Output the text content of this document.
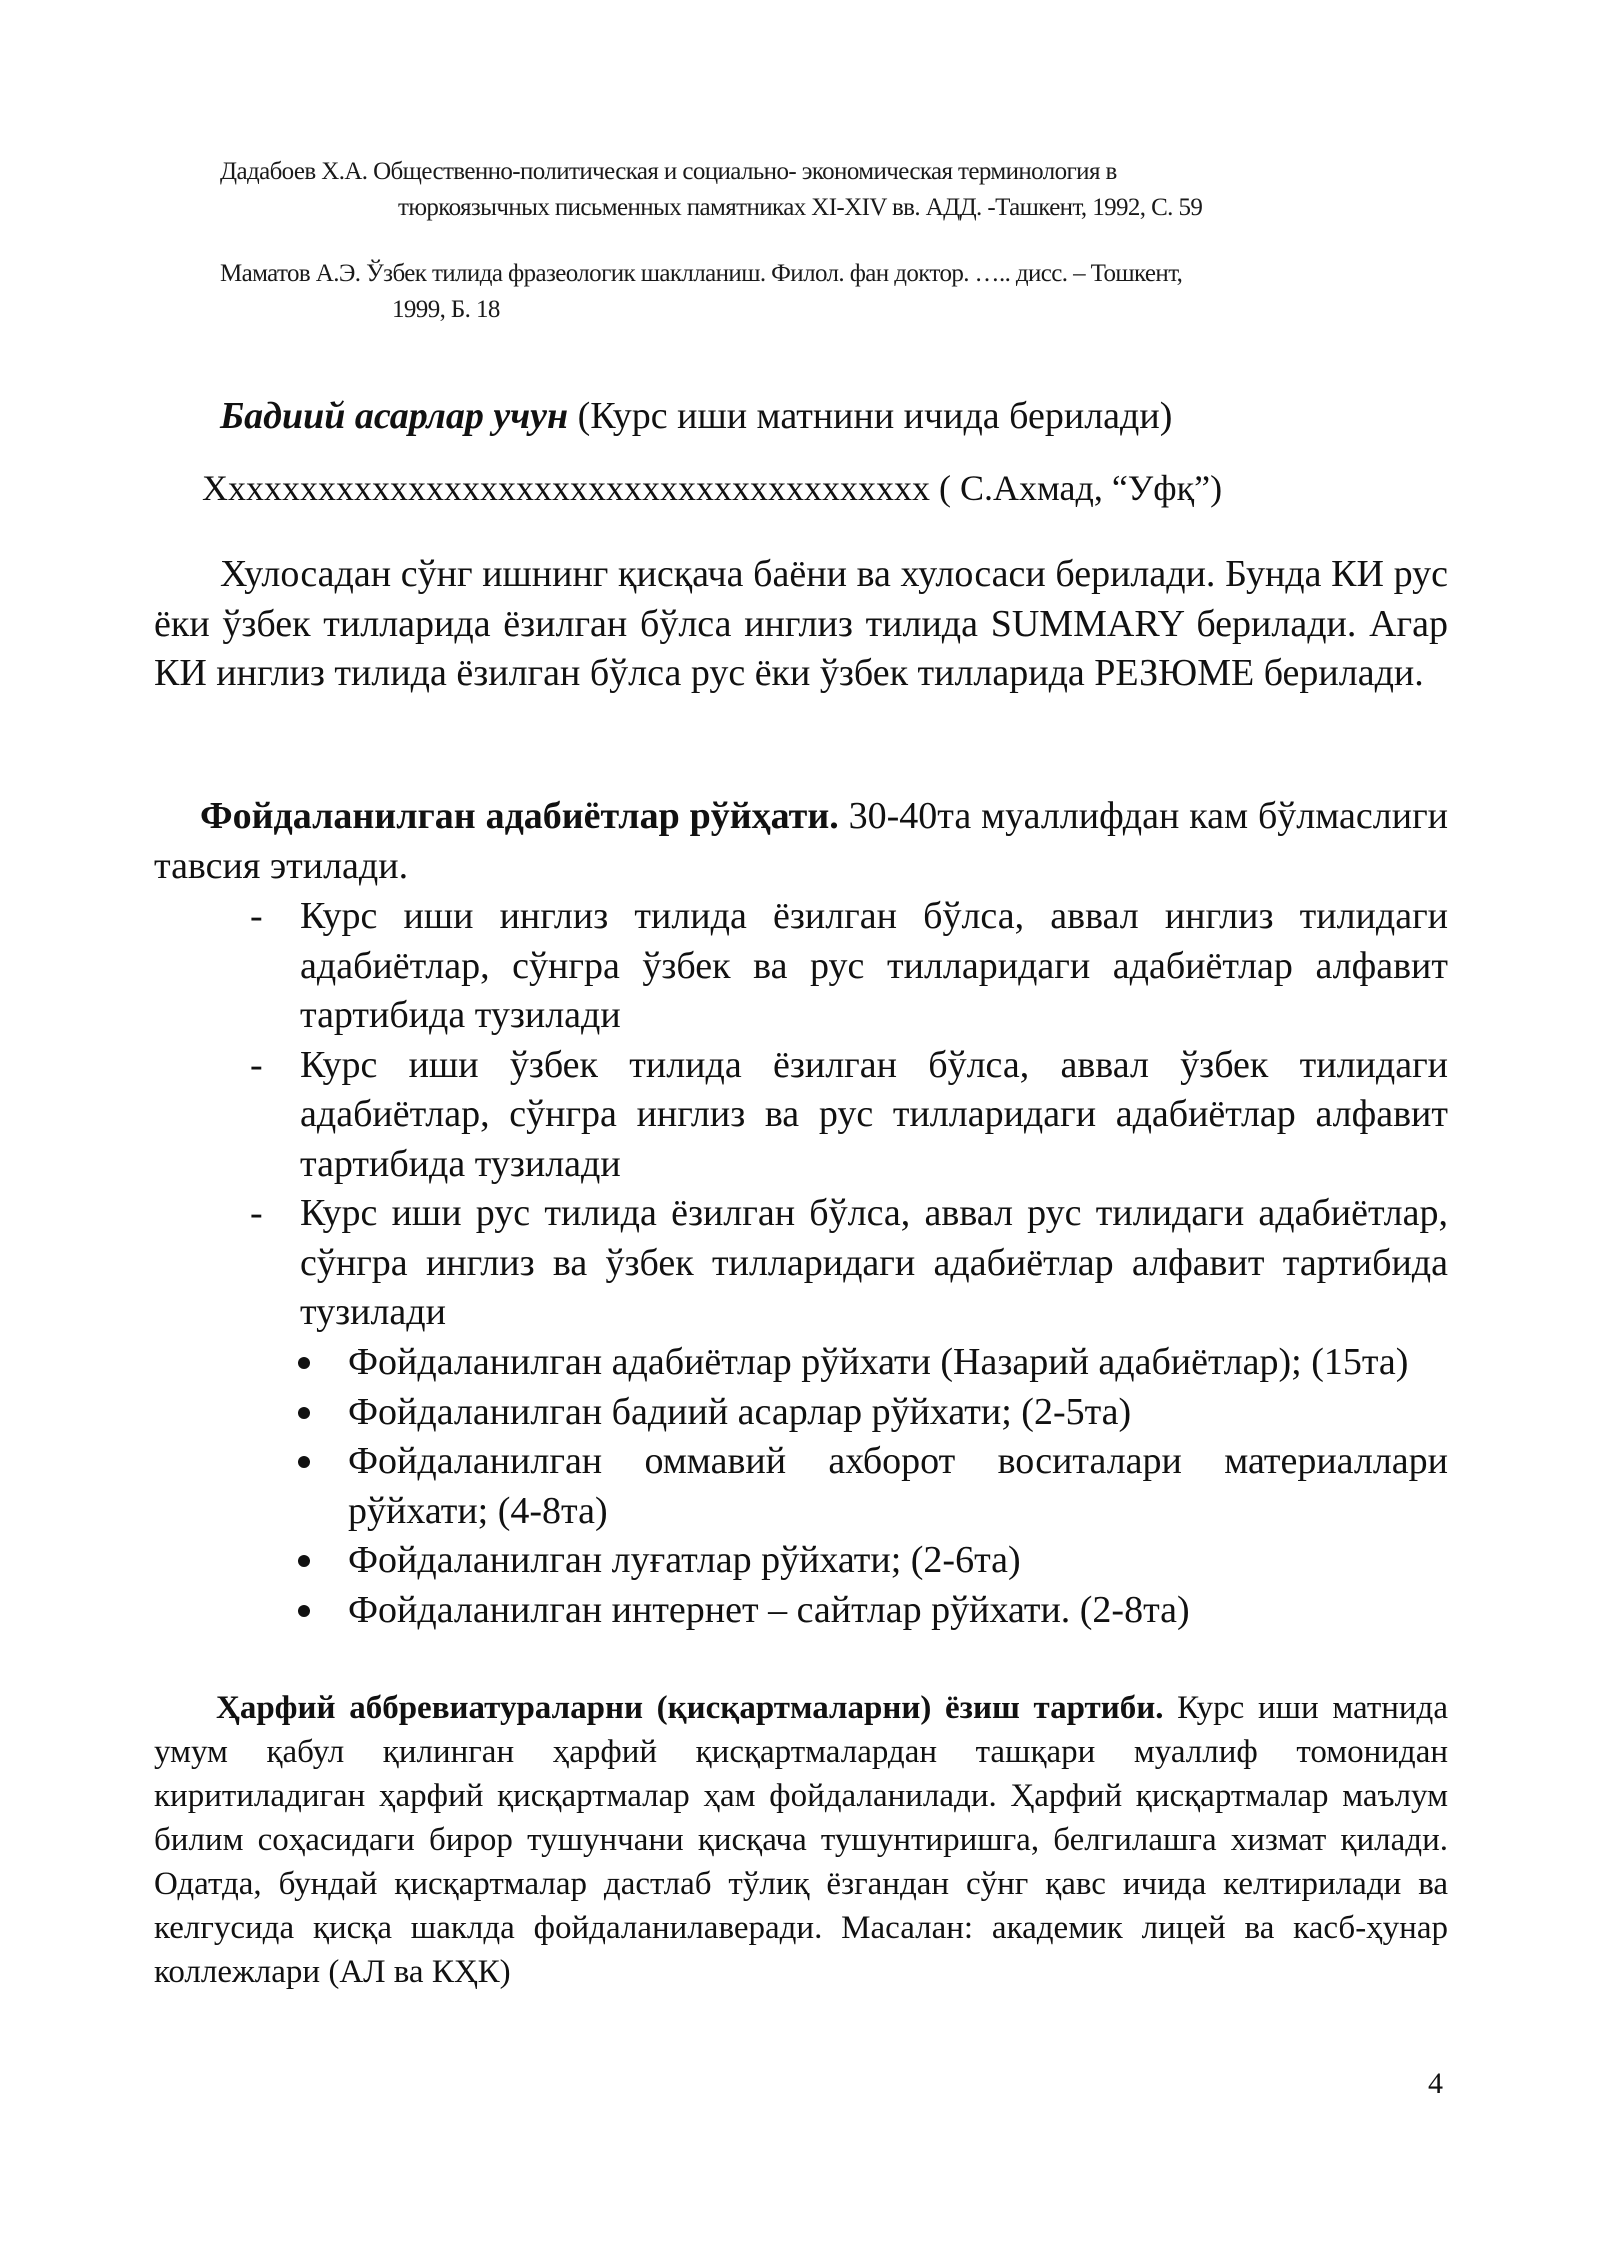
Дадабоев Х.А. Общественно-политическая и социально- экономическая терминология в
тюркоязычных письменных памятниках XI-XIV вв. АДД. -Ташкент, 1992, С. 59
Маматов А.Э. Ўзбек тилида фразеологик шаклланиш. Филол. фан доктор. ….. дисс. – Тошкент,
1999, Б. 18
Бадиий асарлар учун (Курс иши матнини ичида берилади)
Хxxxxxxxxxxxxxxxxxxxxxxxxxxxxxxxxxxxxxxx ( С.Ахмад, “Уфқ”)

Хулосадан сўнг ишнинг қисқача баёни ва хулосаси берилади. Бунда КИ рус ёки ўзбек тилларида ёзилган бўлса инглиз тилида SUMMARY берилади. Агар КИ инглиз тилида ёзилган бўлса рус ёки ўзбек тилларида РЕЗЮМЕ берилади.

Фойдаланилган адабиётлар рўйҳати. 30-40та муаллифдан кам бўлмаслиги тавсия этилади.

- Курс иши инглиз тилида ёзилган бўлса, аввал инглиз тилидаги адабиётлар, сўнгра ўзбек ва рус тилларидаги адабиётлар алфавит тартибида тузилади
- Курс иши ўзбек тилида ёзилган бўлса, аввал ўзбек тилидаги адабиётлар, сўнгра инглиз ва рус тилларидаги адабиётлар алфавит тартибида тузилади
- Курс иши рус тилида ёзилган бўлса, аввал рус тилидаги адабиётлар, сўнгра инглиз ва ўзбек тилларидаги адабиётлар алфавит тартибида тузилади
Фойдаланилган адабиётлар рўйхати (Назарий адабиётлар); (15та)
Фойдаланилган бадиий асарлар рўйхати; (2-5та)
Фойдаланилган оммавий ахборот воситалари материаллари рўйхати; (4-8та)
Фойдаланилган луғатлар рўйхати; (2-6та)
Фойдаланилган интернет – сайтлар рўйхати. (2-8та)

Ҳарфий аббревиатураларни (қисқартмаларни) ёзиш тартиби. Курс иши матнида умум қабул қилинган ҳарфий қисқартмалардан ташқари муаллиф томонидан киритиладиган ҳарфий қисқартмалар ҳам фойдаланилади. Ҳарфий қисқартмалар маълум билим соҳасидаги бирор тушунчани қисқача тушунтиришга, белгилашга хизмат қилади. Одатда, бундай қисқартмалар дастлаб тўлиқ ёзгандан сўнг қавс ичида келтирилади ва келгусида қисқа шаклда фойдаланилаверади. Масалан: академик лицей ва касб-ҳунар коллежлари (АЛ ва КҲК)

4
